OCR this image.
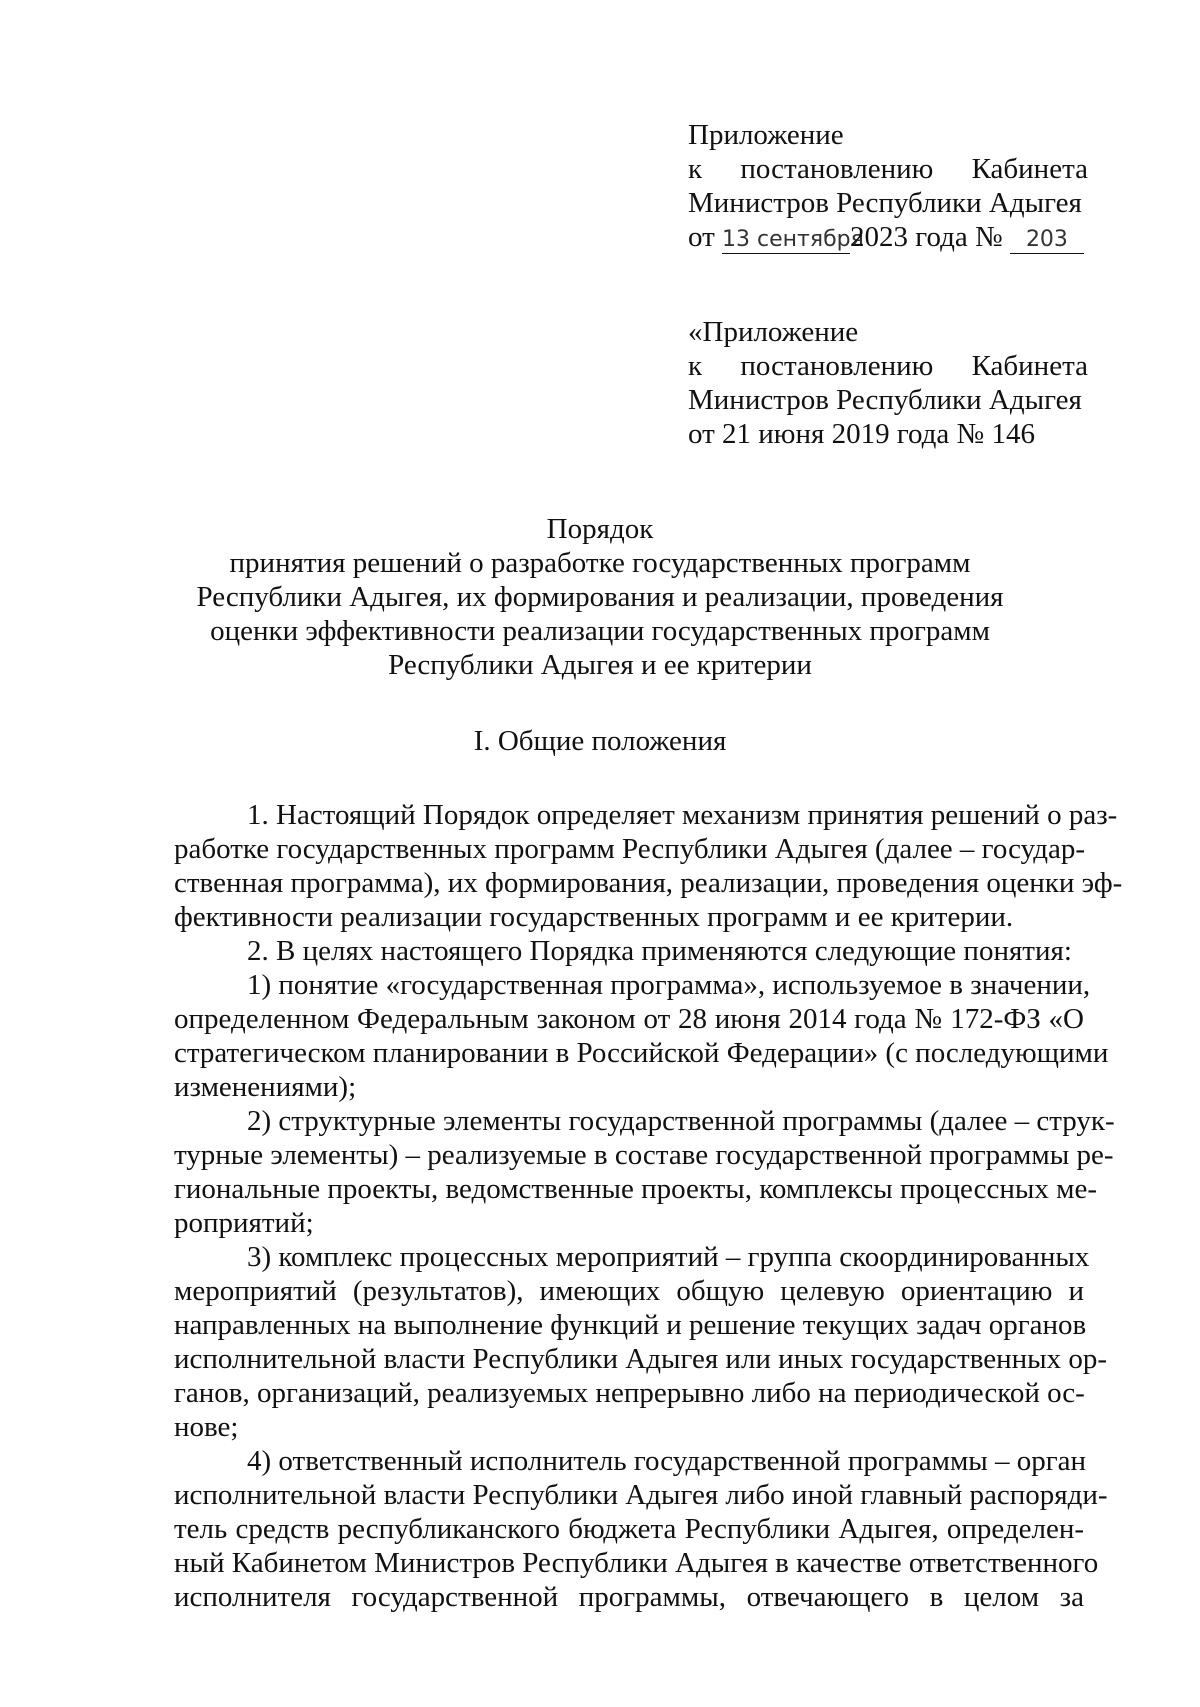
Приложение
к постановлению Кабинета
Министров Республики Адыгея
от 13 сентября2023 года № 203
«Приложение
к постановлению Кабинета
Министров Республики Адыгея
от 21 июня 2019 года № 146
Порядок
принятия решений о разработке государственных программ
Республики Адыгея, их формирования и реализации, проведения
оценки эффективности реализации государственных программ
Республики Адыгея и ее критерии
I. Общие положения
1. Настоящий Порядок определяет механизм принятия решений о раз-
работке государственных программ Республики Адыгея (далее – государ-
ственная программа), их формирования, реализации, проведения оценки эф-
фективности реализации государственных программ и ее критерии.
2. В целях настоящего Порядка применяются следующие понятия:
1) понятие «государственная программа», используемое в значении,
определенном Федеральным законом от 28 июня 2014 года № 172-ФЗ «О
стратегическом планировании в Российской Федерации» (с последующими
изменениями);
2) структурные элементы государственной программы (далее – струк-
турные элементы) – реализуемые в составе государственной программы ре-
гиональные проекты, ведомственные проекты, комплексы процессных ме-
роприятий;
3) комплекс процессных мероприятий – группа скоординированных
мероприятий (результатов), имеющих общую целевую ориентацию и
направленных на выполнение функций и решение текущих задач органов
исполнительной власти Республики Адыгея или иных государственных ор-
ганов, организаций, реализуемых непрерывно либо на периодической ос-
нове;
4) ответственный исполнитель государственной программы – орган
исполнительной власти Республики Адыгея либо иной главный распоряди-
тель средств республиканского бюджета Республики Адыгея, определен-
ный Кабинетом Министров Республики Адыгея в качестве ответственного
исполнителя государственной программы, отвечающего в целом за
